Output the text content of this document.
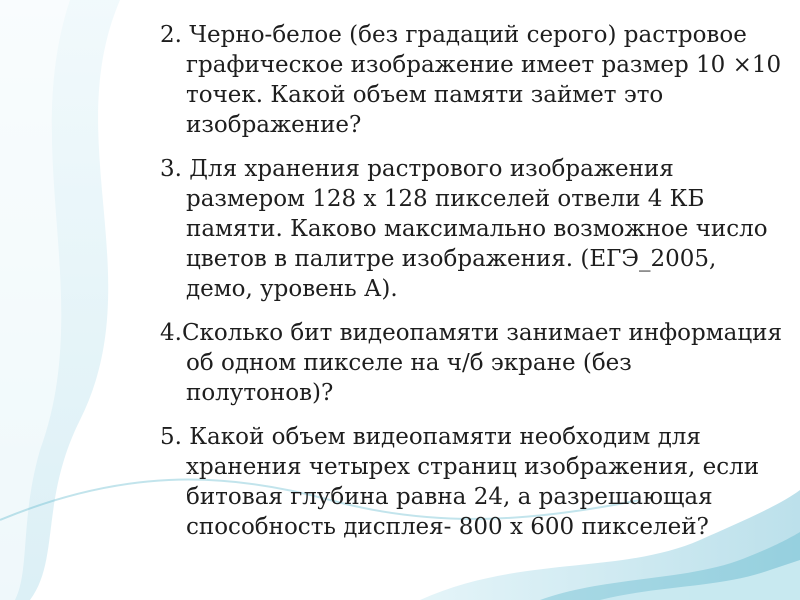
2. Черно-белое (без градаций серого) растровое графическое изображение имеет размер 10 ×10 точек. Какой объем памяти займет это изображение?

3. Для хранения растрового изображения размером 128 x 128 пикселей отвели 4 КБ памяти. Каково максимально возможное число цветов в палитре изображения. (ЕГЭ_2005, демо, уровень А).

4.Сколько бит видеопамяти занимает информация об одном пикселе на ч/б экране (без полутонов)?

5. Какой объем видеопамяти необходим для хранения четырех страниц изображения, если битовая глубина равна 24, а разрешающая способность дисплея- 800 x 600 пикселей?
